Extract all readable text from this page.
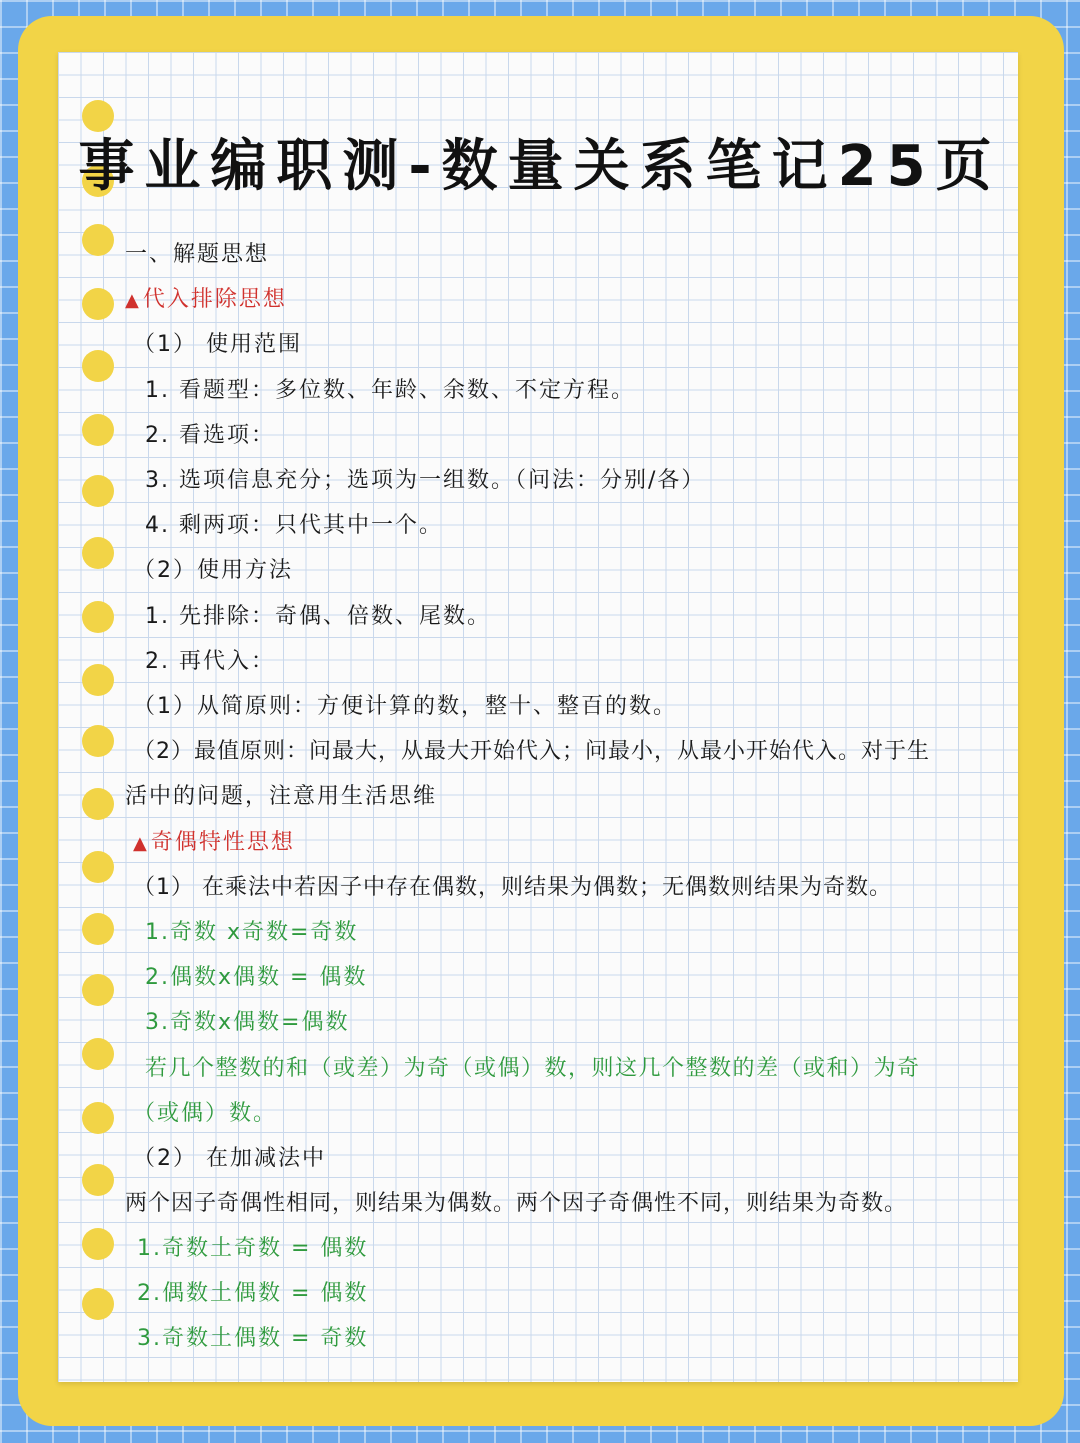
事业编职测-数量关系笔记25页
一、解题思想
▲代入排除思想
（1） 使用范围
1. 看题型：多位数、年龄、余数、不定方程。
2. 看选项：
3. 选项信息充分；选项为一组数。（问法：分别/各）
4. 剩两项：只代其中一个。
（2）使用方法
1. 先排除：奇偶、倍数、尾数。
2. 再代入：
（1）从简原则：方便计算的数，整十、整百的数。
（2）最值原则：问最大，从最大开始代入；问最小，从最小开始代入。对于生
活中的问题，注意用生活思维
▲奇偶特性思想
（1） 在乘法中若因子中存在偶数，则结果为偶数；无偶数则结果为奇数。
1.奇数 x奇数=奇数
2.偶数x偶数 = 偶数
3.奇数x偶数=偶数
若几个整数的和（或差）为奇（或偶）数，则这几个整数的差（或和）为奇
（或偶）数。
（2） 在加减法中
两个因子奇偶性相同，则结果为偶数。两个因子奇偶性不同，则结果为奇数。
1.奇数土奇数 = 偶数
2.偶数土偶数 = 偶数
3.奇数土偶数 = 奇数
